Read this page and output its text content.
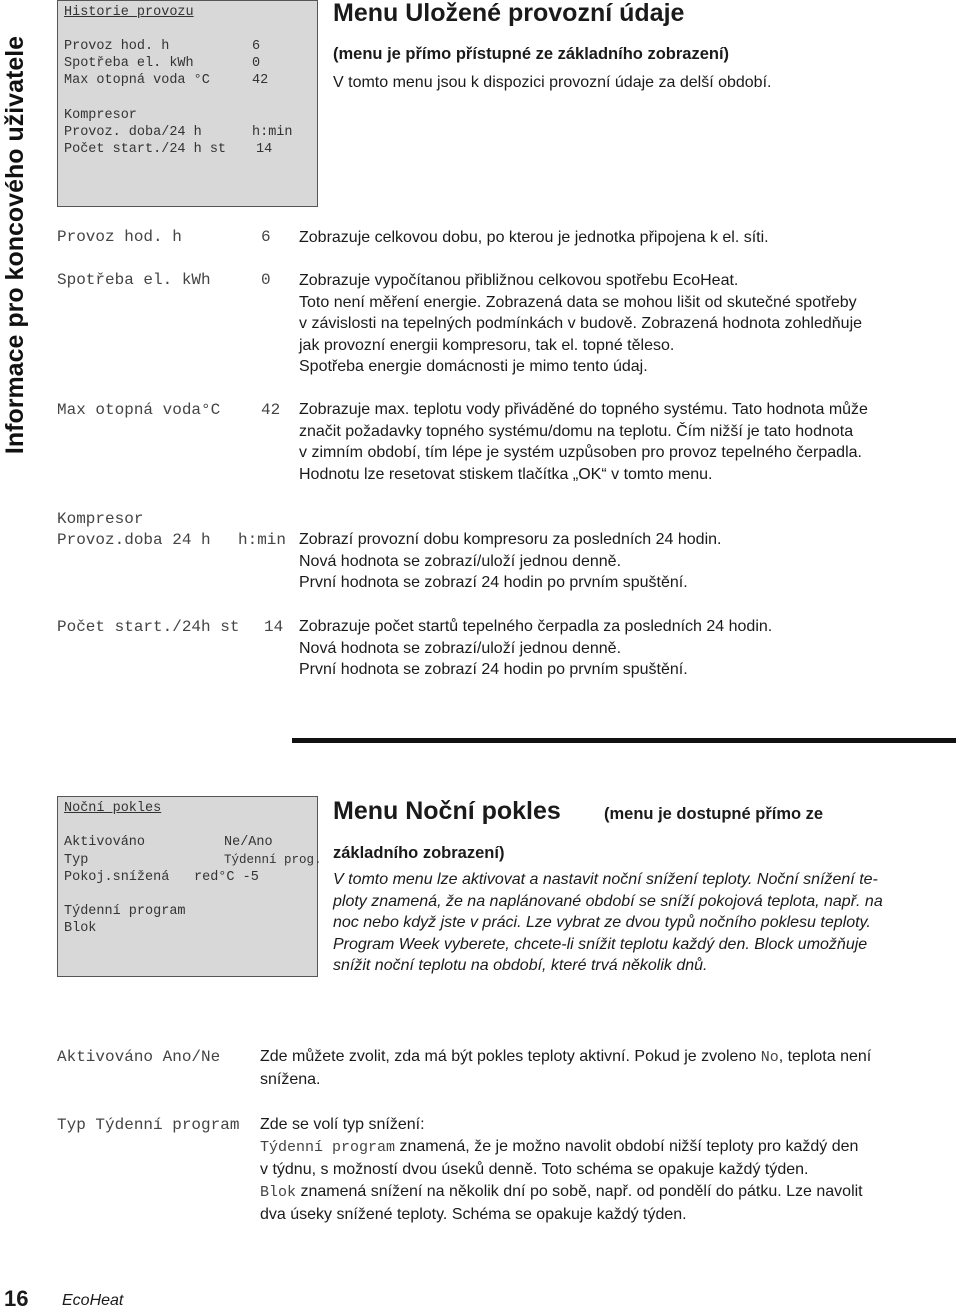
Informace pro koncového uživatele
Historie provozu
Provoz hod. h	6
Spotřeba el. kWh	0
Max otopná voda °C	42
Kompresor
Provoz. doba/24 h	h:min
Počet start./24 h st 14
Menu Uložené provozní údaje
(menu je přímo přístupné ze základního zobrazení)
V tomto menu jsou k dispozici provozní údaje za delší období.
Provoz hod. h	6 Zobrazuje celkovou dobu, po kterou je jednotka připojena k el. síti.
Spotřeba el. kWh	0 Zobrazuje vypočítanou přibližnou celkovou spotřebu EcoHeat.
Toto není měření energie. Zobrazená data se mohou lišit od skutečné spotřeby
v závislosti na tepelných podmínkách v budově. Zobrazená hodnota zohledňuje
jak provozní energii kompresoru, tak el. topné těleso.
Spotřeba energie domácnosti je mimo tento údaj.
Max otopná voda°C	42 Zobrazuje max. teplotu vody přiváděné do topného systému. Tato hodnota může
značit požadavky topného systému/domu na teplotu. Čím nižší je tato hodnota
v zimním období, tím lépe je systém uzpůsoben pro provoz tepelného čerpadla.
Hodnotu lze resetovat stiskem tlačítka „OK“ v tomto menu.
Kompresor
Provoz.doba 24 h h:min Zobrazí provozní dobu kompresoru za posledních 24 hodin.
Nová hodnota se zobrazí/uloží jednou denně.
První hodnota se zobrazí 24 hodin po prvním spuštění.
Počet start./24h st 14 Zobrazuje počet startů tepelného čerpadla za posledních 24 hodin.
Nová hodnota se zobrazí/uloží jednou denně.
První hodnota se zobrazí 24 hodin po prvním spuštění.
Noční pokles
Aktivováno	Ne/Ano
Typ	Týdenní prog.
Pokoj.snížená red°C -5
Týdenní program
Blok
Menu Noční pokles	(menu je dostupné přímo ze
základního zobrazení)
V tomto menu lze aktivovat a nastavit noční snížení teploty. Noční snížení te-
ploty znamená, že na naplánované období se sníží pokojová teplota, např. na
noc nebo když jste v práci. Lze vybrat ze dvou typů nočního poklesu teploty.
Program Week vyberete, chcete-li snížit teplotu každý den. Block umožňuje
snížit noční teplotu na období, které trvá několik dnů.
Aktivováno Ano/Ne Zde můžete zvolit, zda má být pokles teploty aktivní. Pokud je zvoleno No, teplota není
snížena.
Typ Týdenní program Zde se volí typ snížení:
Týdenní program znamená, že je možno navolit období nižší teploty pro každý den
v týdnu, s možností dvou úseků denně. Toto schéma se opakuje každý týden.
Blok znamená snížení na několik dní po sobě, např. od pondělí do pátku. Lze navolit
dva úseky snížené teploty. Schéma se opakuje každý týden.
16 EcoHeat
